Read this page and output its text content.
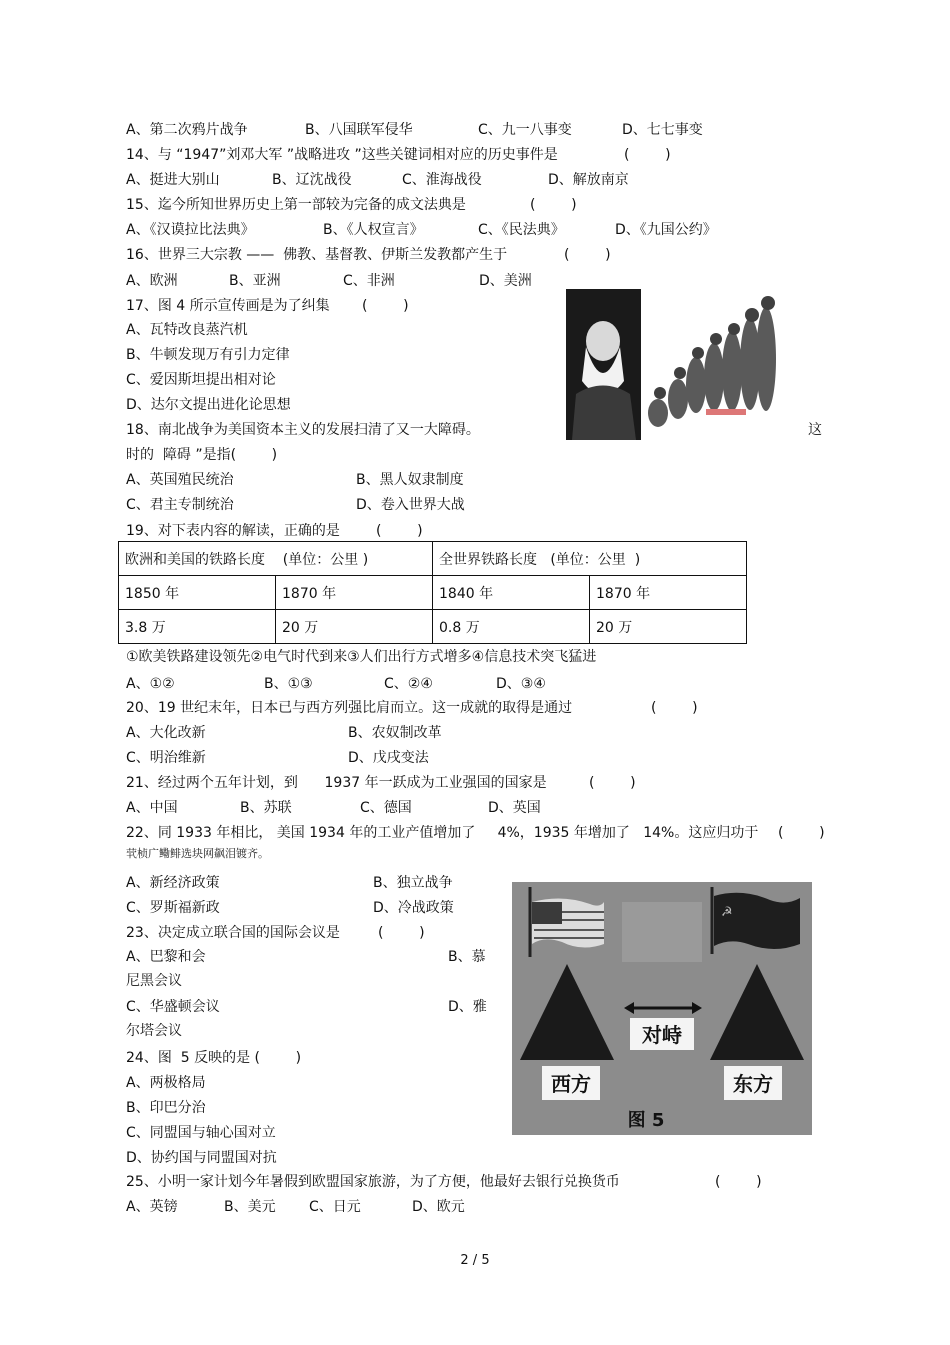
A、第二次鸦片战争	B、八国联军侵华	C、九一八事变	D、七七事变
14、与 “1947”刘邓大军 ”战略进攻 ”这些关键词相对应的历史事件是	(        )
A、挺进大别山	B、辽沈战役	C、淮海战役	D、解放南京
15、迄今所知世界历史上第一部较为完备的成文法典是	(        )
A、《汉谟拉比法典》	B、《人权宣言》	C、《民法典》	D、《九国公约》
16、世界三大宗教 ——  佛教、基督教、伊斯兰发教都产生于	(        )
A、欧洲	B、亚洲	C、非洲	D、美洲
17、图 4 所示宣传画是为了纠集 (        )
A、瓦特改良蒸汽机
B、牛顿发现万有引力定律
C、爱因斯坦提出相对论
D、达尔文提出进化论思想
18、南北战争为美国资本主义的发展扫清了又一大障碍。	这
时的  障碍 ”是指(        )
A、英国殖民统治	B、黑人奴隶制度
C、君主专制统治	D、卷入世界大战
19、对下表内容的解读，正确的是	(        )
欧洲和美国的铁路长度    (单位：公里 )		全世界铁路长度   (单位：公里  )	
1850 年	1870 年	1840 年	1870 年
3.8 万	20 万	0.8 万	20 万
①欧美铁路建设领先②电气时代到来③人们出行方式增多④信息技术突飞猛进
A、①②	B、①③	C、②④	D、③④
20、19 世纪末年，日本已与西方列强比肩而立。这一成就的取得是通过	(        )
A、大化改新	B、农奴制改革
C、明治维新	D、戊戌变法
21、经过两个五年计划，到      1937 年一跃成为工业强国的国家是	(        )
A、中国	B、苏联	C、德国	D、英国
22、同 1933 年相比， 美国 1934 年的工业产值增加了     4%，1935 年增加了   14%。这应归功于 (        )
茕桢广鳓鲱选块网飙泪镀齐。
A、新经济政策	B、独立战争
C、罗斯福新政	D、冷战政策
23、决定成立联合国的国际会议是	(        )
A、巴黎和会	B、慕
尼黑会议
C、华盛顿会议	D、雅
尔塔会议
24、图  5 反映的是 (        )
A、两极格局
B、印巴分治
C、同盟国与轴心国对立
D、协约国与同盟国对抗
☭
对峙
西方	东方
图 5
25、小明一家计划今年暑假到欧盟国家旅游，为了方便，他最好去银行兑换货币	(        )
A、英镑	B、美元 C、日元	D、欧元
2 / 5
